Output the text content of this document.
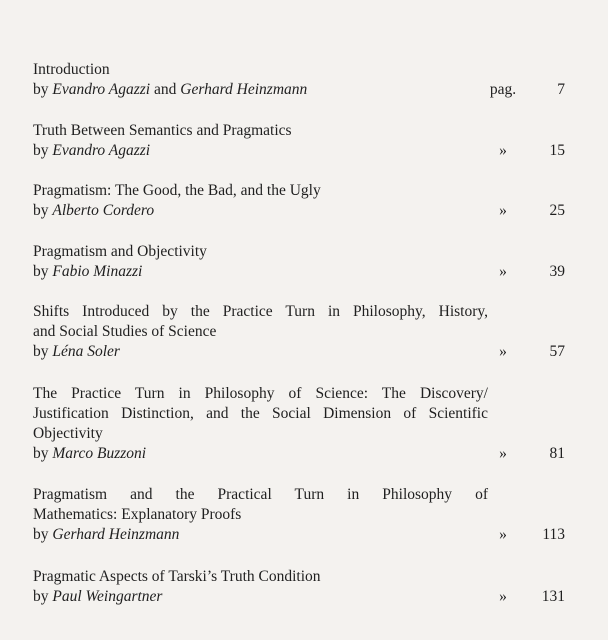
Introduction
by Evandro Agazzi and Gerhard Heinzmann	pag.	7
Truth Between Semantics and Pragmatics
by Evandro Agazzi	»	15
Pragmatism: The Good, the Bad, and the Ugly
by Alberto Cordero	»	25
Pragmatism and Objectivity
by Fabio Minazzi	»	39
Shifts Introduced by the Practice Turn in Philosophy, History,
and Social Studies of Science
by Léna Soler	»	57
The Practice Turn in Philosophy of Science: The Discovery/
Justification Distinction, and the Social Dimension of Scientific
Objectivity
by Marco Buzzoni	»	81
Pragmatism and the Practical Turn in Philosophy of
Mathematics: Explanatory Proofs
by Gerhard Heinzmann	»	113
Pragmatic Aspects of Tarski’s Truth Condition
by Paul Weingartner	»	131
